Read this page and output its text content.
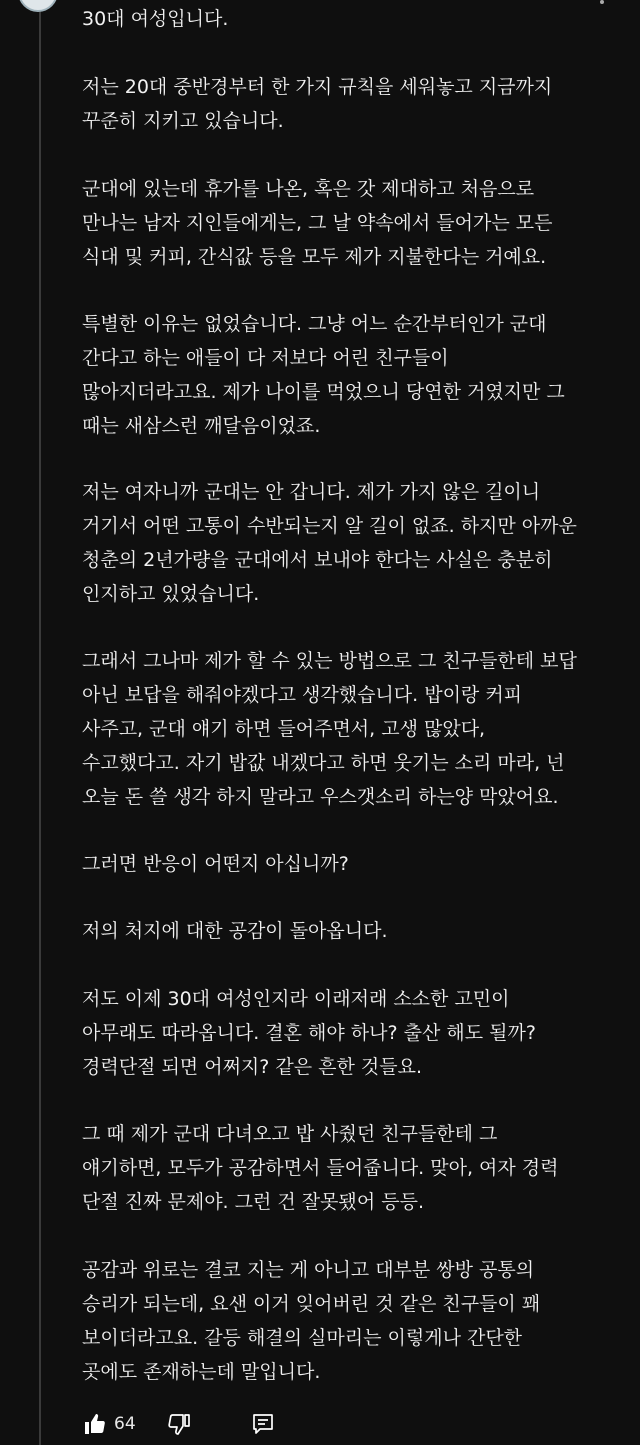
30대 여성입니다.

저는 20대 중반경부터 한 가지 규칙을 세워놓고 지금까지
꾸준히 지키고 있습니다.

군대에 있는데 휴가를 나온, 혹은 갓 제대하고 처음으로
만나는 남자 지인들에게는, 그 날 약속에서 들어가는 모든
식대 및 커피, 간식값 등을 모두 제가 지불한다는 거예요.

특별한 이유는 없었습니다. 그냥 어느 순간부터인가 군대
간다고 하는 애들이 다 저보다 어린 친구들이
많아지더라고요. 제가 나이를 먹었으니 당연한 거였지만 그
때는 새삼스런 깨달음이었죠.

저는 여자니까 군대는 안 갑니다. 제가 가지 않은 길이니
거기서 어떤 고통이 수반되는지 알 길이 없죠. 하지만 아까운
청춘의 2년가량을 군대에서 보내야 한다는 사실은 충분히
인지하고 있었습니다.

그래서 그나마 제가 할 수 있는 방법으로 그 친구들한테 보답
아닌 보답을 해줘야겠다고 생각했습니다. 밥이랑 커피
사주고, 군대 얘기 하면 들어주면서, 고생 많았다,
수고했다고. 자기 밥값 내겠다고 하면 웃기는 소리 마라, 넌
오늘 돈 쓸 생각 하지 말라고 우스갯소리 하는양 막았어요.

그러면 반응이 어떤지 아십니까?

저의 처지에 대한 공감이 돌아옵니다.

저도 이제 30대 여성인지라 이래저래 소소한 고민이
아무래도 따라옵니다. 결혼 해야 하나? 출산 해도 될까?
경력단절 되면 어쩌지? 같은 흔한 것들요.

그 때 제가 군대 다녀오고 밥 사줬던 친구들한테 그
얘기하면, 모두가 공감하면서 들어줍니다. 맞아, 여자 경력
단절 진짜 문제야. 그런 건 잘못됐어 등등.

공감과 위로는 결코 지는 게 아니고 대부분 쌍방 공통의
승리가 되는데, 요샌 이거 잊어버린 것 같은 친구들이 꽤
보이더라고요. 갈등 해결의 실마리는 이렇게나 간단한
곳에도 존재하는데 말입니다.

64
